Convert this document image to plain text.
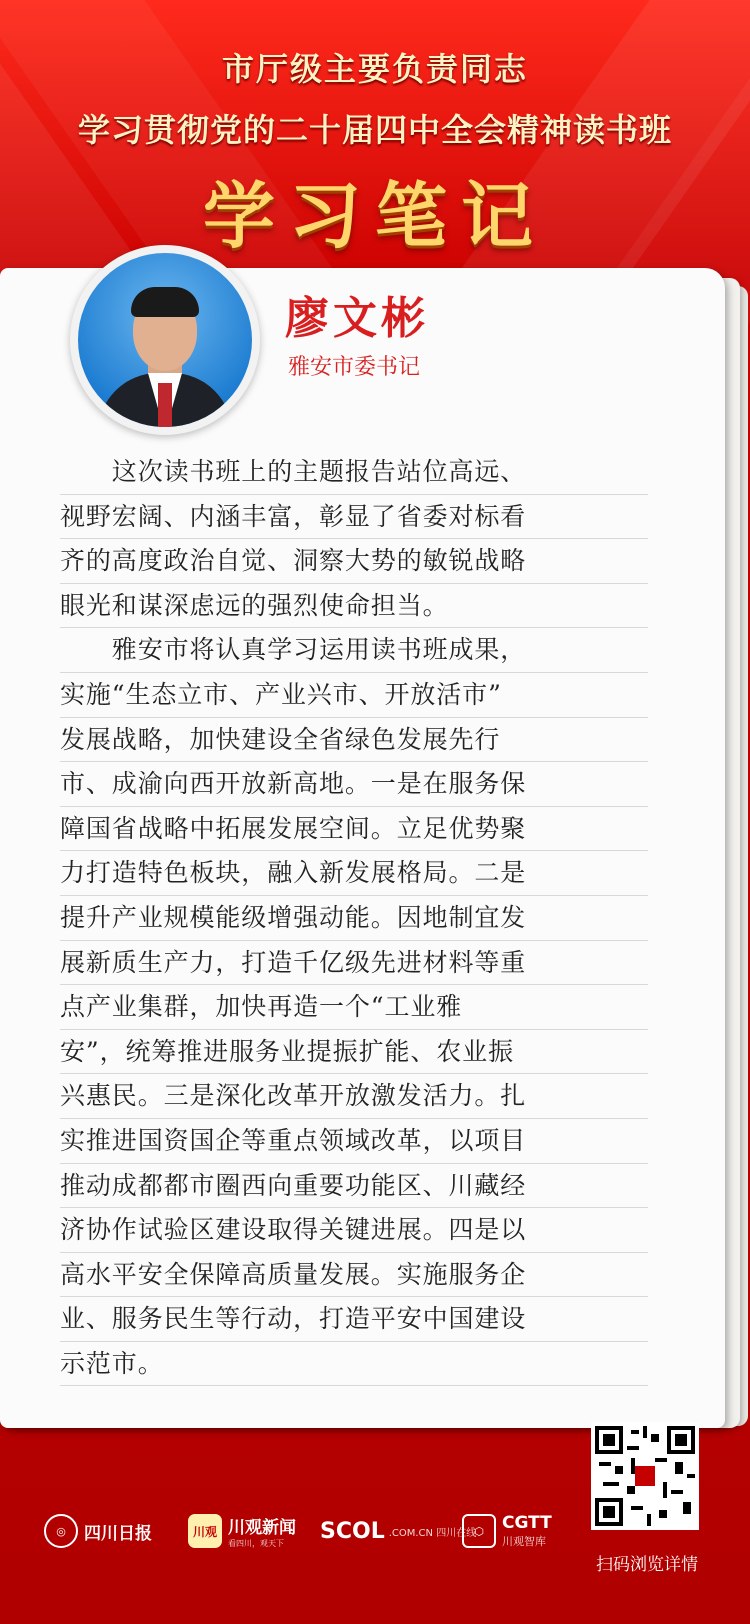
市厅级主要负责同志
学习贯彻党的二十届四中全会精神读书班
学习笔记
廖文彬
雅安市委书记
　　这次读书班上的主题报告站位高远、
视野宏阔、内涵丰富，彰显了省委对标看
齐的高度政治自觉、洞察大势的敏锐战略
眼光和谋深虑远的强烈使命担当。
　　雅安市将认真学习运用读书班成果，
实施“生态立市、产业兴市、开放活市”
发展战略，加快建设全省绿色发展先行
市、成渝向西开放新高地。一是在服务保
障国省战略中拓展发展空间。立足优势聚
力打造特色板块，融入新发展格局。二是
提升产业规模能级增强动能。因地制宜发
展新质生产力，打造千亿级先进材料等重
点产业集群，加快再造一个“工业雅
安”，统筹推进服务业提振扩能、农业振
兴惠民。三是深化改革开放激发活力。扎
实推进国资国企等重点领域改革，以项目
推动成都都市圈西向重要功能区、川藏经
济协作试验区建设取得关键进展。四是以
高水平安全保障高质量发展。实施服务企
业、服务民生等行动，打造平安中国建设
示范市。
◎	四川日报	川观 川观新闻
看四川，观天下	SCOL .COM.CN 四川在线
⬡	CGTT
川观智库
扫码浏览详情
